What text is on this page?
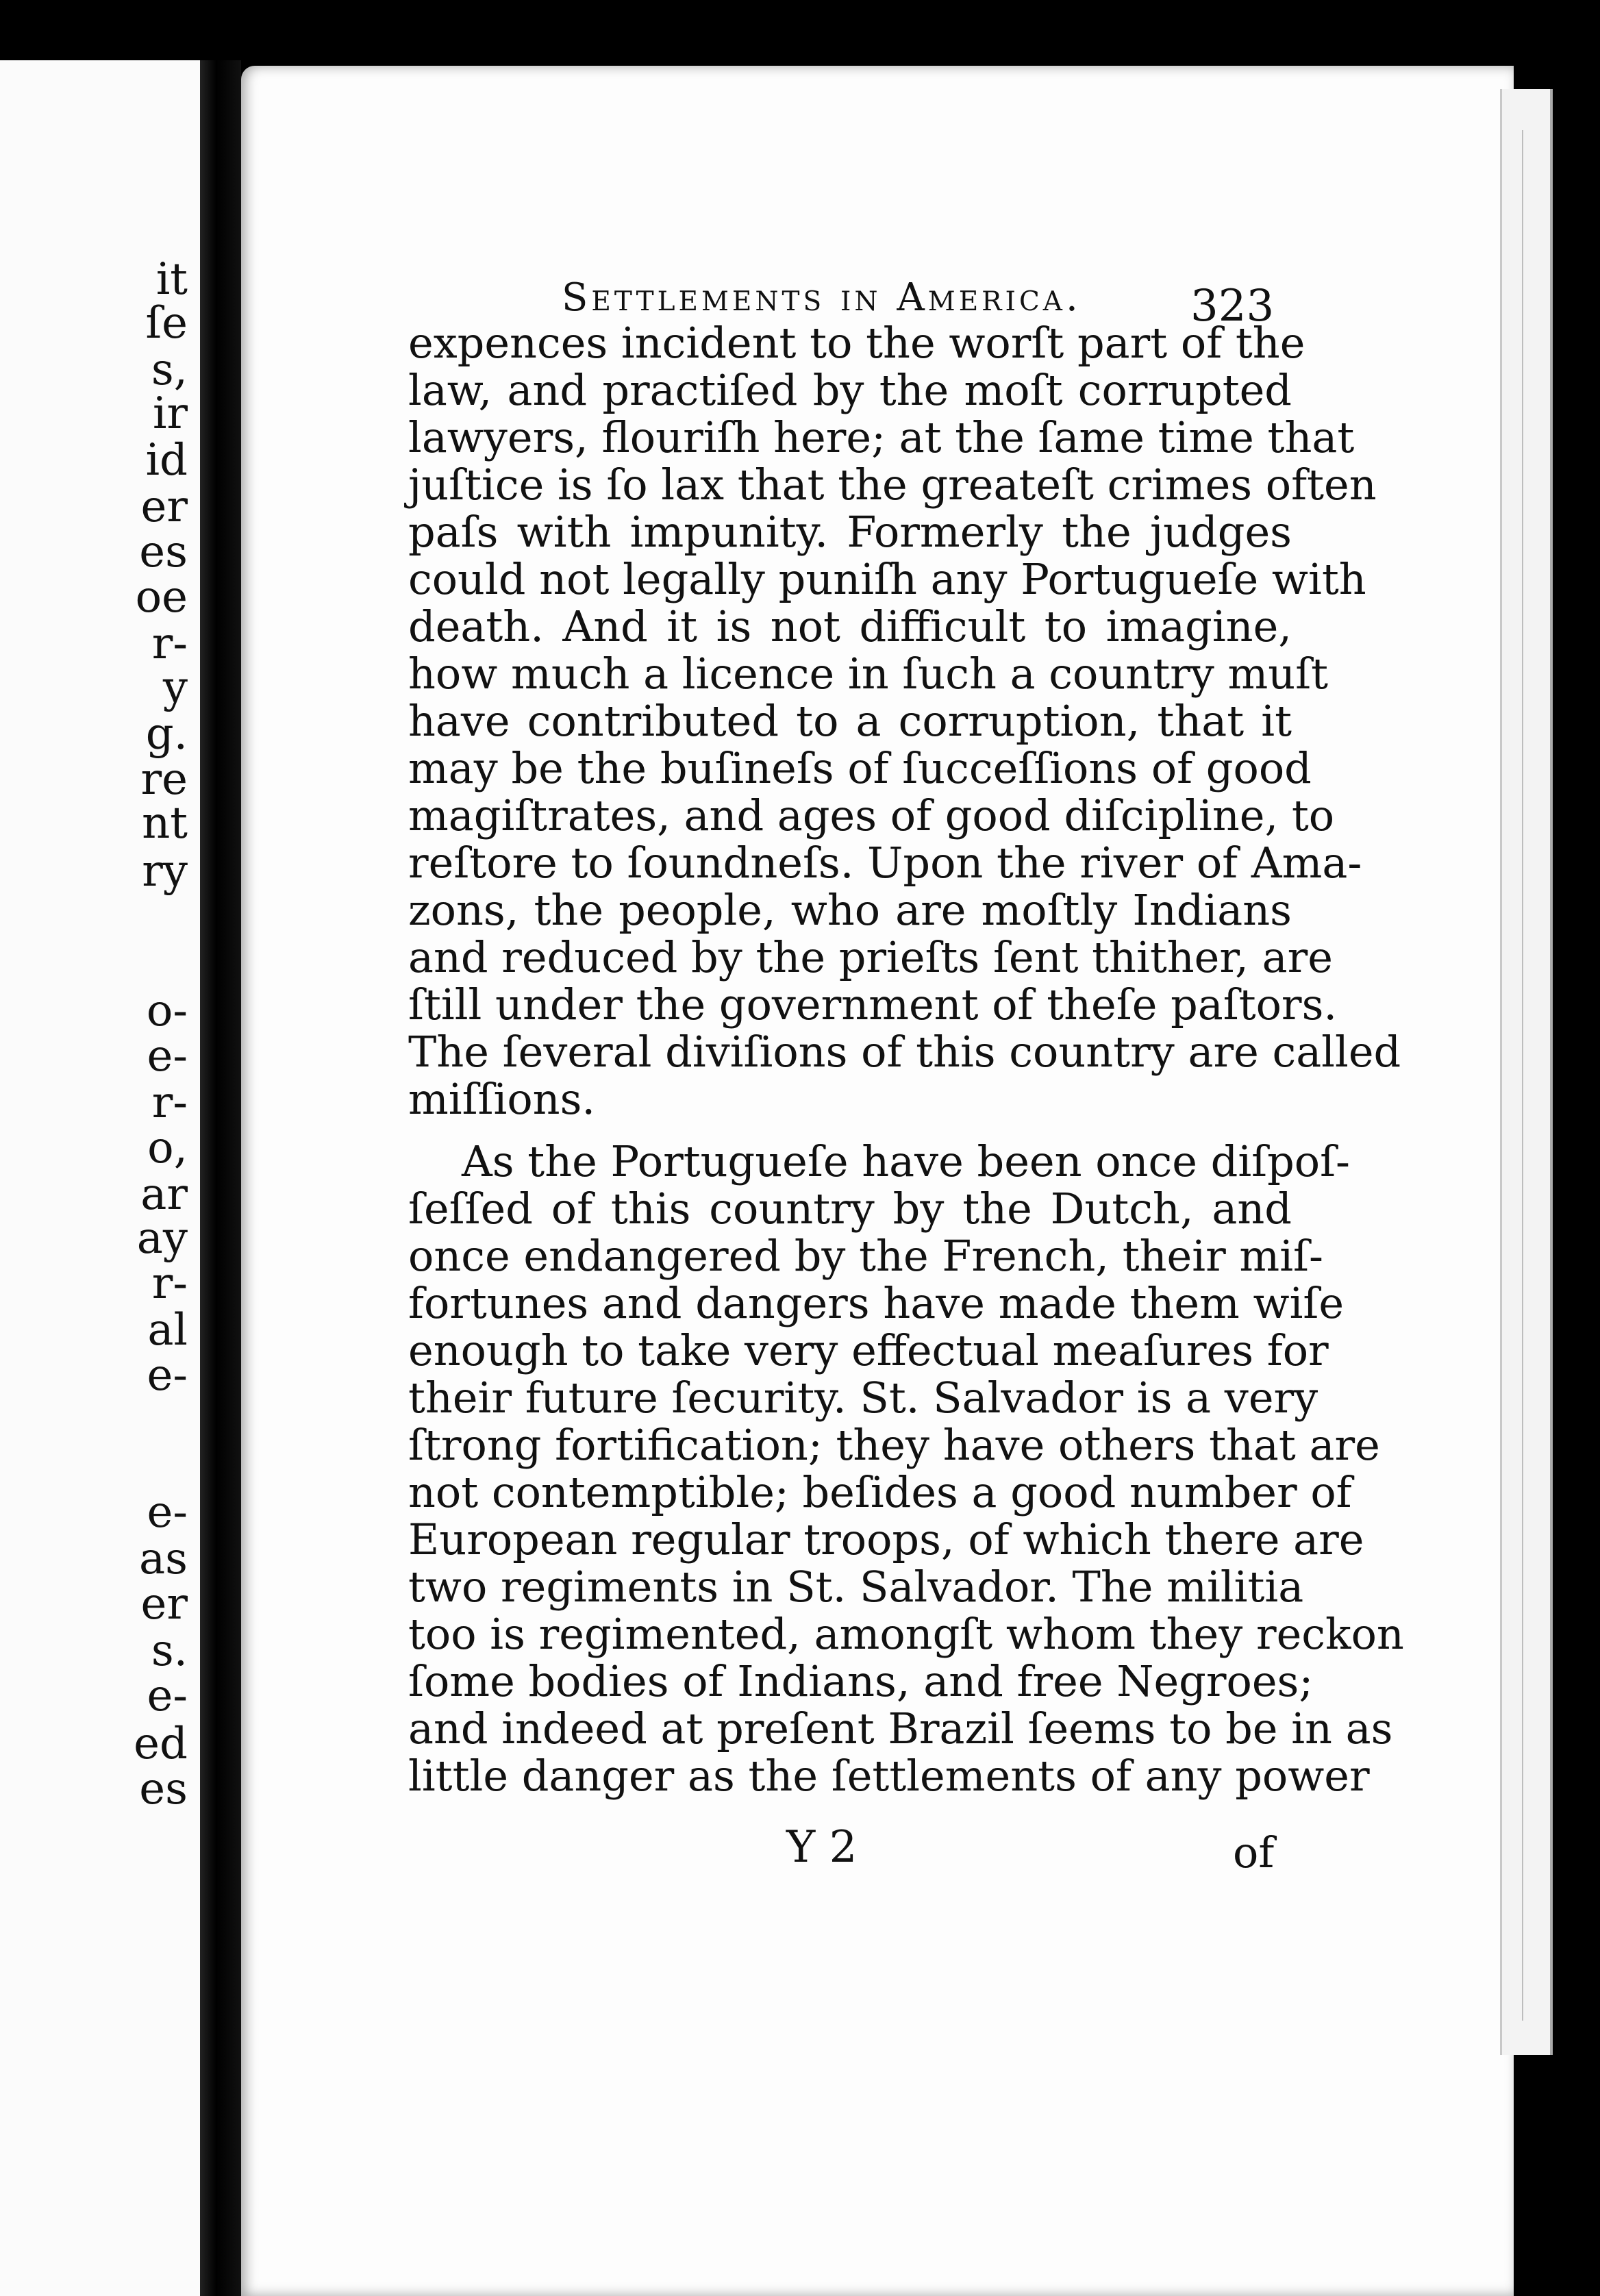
it
ſe
s,
ir
id
er
es
oe
r-
y
g.
re
nt
ry
o-
e-
r-
o,
ar
ay
r-
al
e-
e-
as
er
s.
e-
ed
es
Settlements in America. 323
expences incident to the worſt part of the
law, and practiſed by the moſt corrupted
lawyers, flouriſh here; at the ſame time that
juſtice is ſo lax that the greateſt crimes often
paſs with impunity. Formerly the judges
could not legally puniſh any Portugueſe with
death. And it is not difficult to imagine,
how much a licence in ſuch a country muſt
have contributed to a corruption, that it
may be the buſineſs of ſucceſſions of good
magiſtrates, and ages of good diſcipline, to
reſtore to ſoundneſs. Upon the river of Ama-
zons, the people, who are moſtly Indians
and reduced by the prieſts ſent thither, are
ſtill under the government of theſe paſtors.
The ſeveral diviſions of this country are called
miſſions.
As the Portugueſe have been once diſpoſ-
ſeſſed of this country by the Dutch, and
once endangered by the French, their miſ-
fortunes and dangers have made them wiſe
enough to take very effectual meaſures for
their future ſecurity. St. Salvador is a very
ſtrong fortification; they have others that are
not contemptible; beſides a good number of
European regular troops, of which there are
two regiments in St. Salvador. The militia
too is regimented, amongſt whom they reckon
ſome bodies of Indians, and free Negroes;
and indeed at preſent Brazil ſeems to be in as
little danger as the ſettlements of any power
Y 2	of
